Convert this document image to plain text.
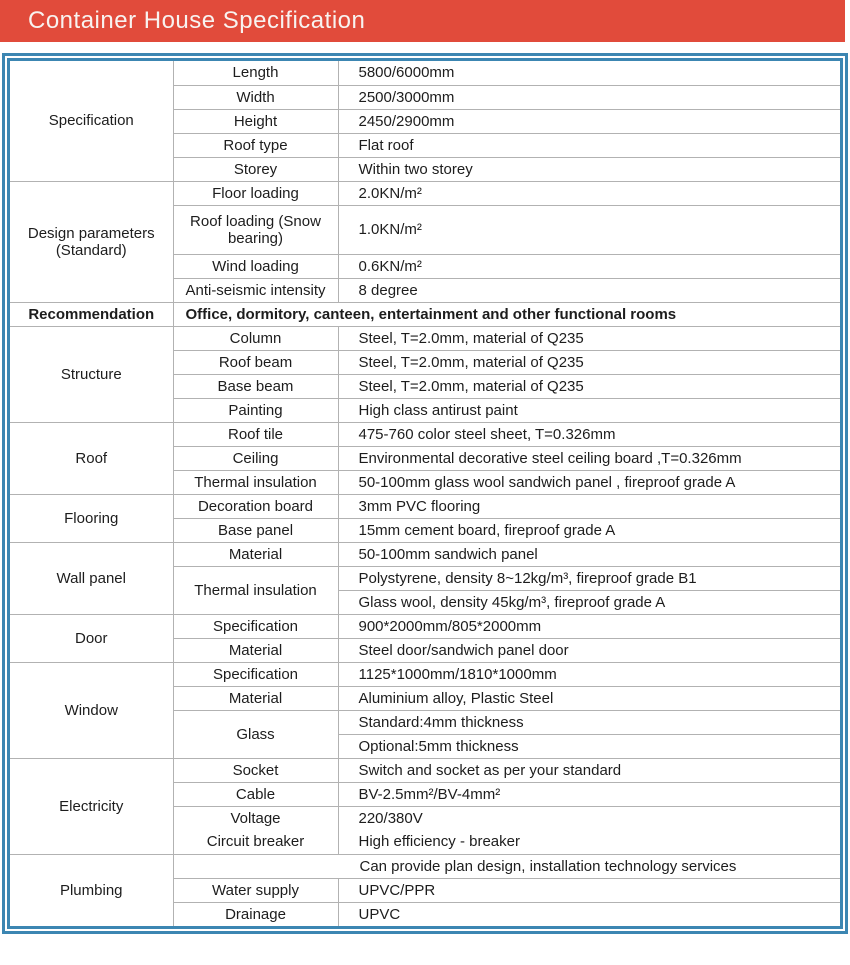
Container House Specification
Specification	Length	5800/6000mm
	Width	2500/3000mm
	Height	2450/2900mm
	Roof type	Flat roof
	Storey	Within two storey
Design parameters (Standard)	Floor loading	2.0KN/m²
	Roof loading (Snow bearing)	1.0KN/m²
	Wind loading	0.6KN/m²
	Anti-seismic intensity	8 degree
Recommendation	Office, dormitory, canteen, entertainment and other functional rooms	
Structure	Column	Steel, T=2.0mm, material of Q235
	Roof beam	Steel, T=2.0mm, material of Q235
	Base beam	Steel, T=2.0mm, material of Q235
	Painting	High class antirust paint
Roof	Roof tile	475-760 color steel sheet, T=0.326mm
	Ceiling	Environmental decorative steel ceiling board ,T=0.326mm
	Thermal insulation	50-100mm glass wool sandwich panel , fireproof grade A
Flooring	Decoration board	3mm PVC flooring
	Base panel	15mm cement board, fireproof grade A
Wall panel	Material	50-100mm sandwich panel
	Thermal insulation	Polystyrene, density 8~12kg/m³, fireproof grade B1
		Glass wool, density 45kg/m³, fireproof grade A
Door	Specification	900*2000mm/805*2000mm
	Material	Steel door/sandwich panel door
Window	Specification	1125*1000mm/1810*1000mm
	Material	Aluminium alloy, Plastic Steel
	Glass	Standard:4mm thickness
		Optional:5mm thickness
Electricity	Socket	Switch and socket as per your standard
	Cable	BV-2.5mm²/BV-4mm²
	Voltage	220/380V
	Circuit breaker	High efficiency - breaker
Plumbing	Can provide plan design, installation technology services	
	Water supply	UPVC/PPR
	Drainage	UPVC
